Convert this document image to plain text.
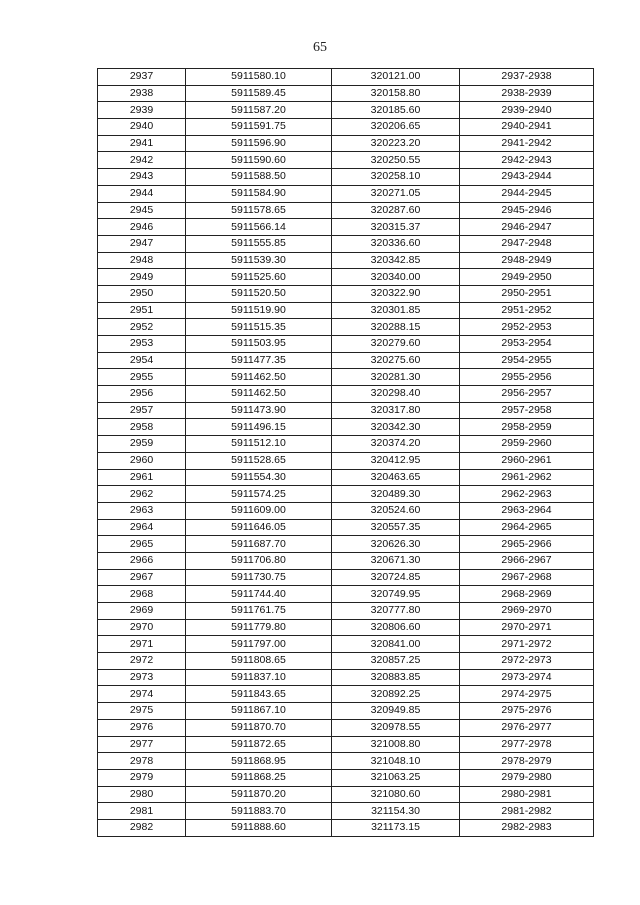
65
2937	5911580.10	320121.00	2937-2938
2938	5911589.45	320158.80	2938-2939
2939	5911587.20	320185.60	2939-2940
2940	5911591.75	320206.65	2940-2941
2941	5911596.90	320223.20	2941-2942
2942	5911590.60	320250.55	2942-2943
2943	5911588.50	320258.10	2943-2944
2944	5911584.90	320271.05	2944-2945
2945	5911578.65	320287.60	2945-2946
2946	5911566.14	320315.37	2946-2947
2947	5911555.85	320336.60	2947-2948
2948	5911539.30	320342.85	2948-2949
2949	5911525.60	320340.00	2949-2950
2950	5911520.50	320322.90	2950-2951
2951	5911519.90	320301.85	2951-2952
2952	5911515.35	320288.15	2952-2953
2953	5911503.95	320279.60	2953-2954
2954	5911477.35	320275.60	2954-2955
2955	5911462.50	320281.30	2955-2956
2956	5911462.50	320298.40	2956-2957
2957	5911473.90	320317.80	2957-2958
2958	5911496.15	320342.30	2958-2959
2959	5911512.10	320374.20	2959-2960
2960	5911528.65	320412.95	2960-2961
2961	5911554.30	320463.65	2961-2962
2962	5911574.25	320489.30	2962-2963
2963	5911609.00	320524.60	2963-2964
2964	5911646.05	320557.35	2964-2965
2965	5911687.70	320626.30	2965-2966
2966	5911706.80	320671.30	2966-2967
2967	5911730.75	320724.85	2967-2968
2968	5911744.40	320749.95	2968-2969
2969	5911761.75	320777.80	2969-2970
2970	5911779.80	320806.60	2970-2971
2971	5911797.00	320841.00	2971-2972
2972	5911808.65	320857.25	2972-2973
2973	5911837.10	320883.85	2973-2974
2974	5911843.65	320892.25	2974-2975
2975	5911867.10	320949.85	2975-2976
2976	5911870.70	320978.55	2976-2977
2977	5911872.65	321008.80	2977-2978
2978	5911868.95	321048.10	2978-2979
2979	5911868.25	321063.25	2979-2980
2980	5911870.20	321080.60	2980-2981
2981	5911883.70	321154.30	2981-2982
2982	5911888.60	321173.15	2982-2983
